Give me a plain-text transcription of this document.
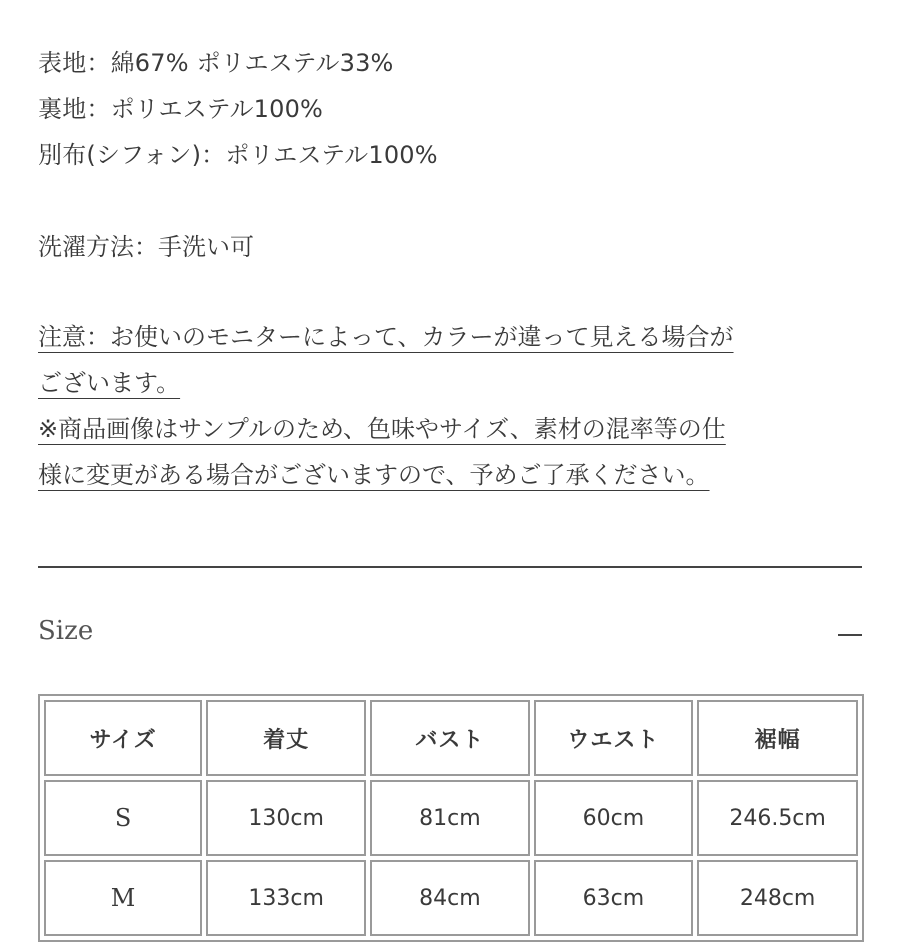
表地：綿67% ポリエステル33%

裏地：ポリエステル100%

別布(シフォン)：ポリエステル100%

洗濯方法：手洗い可

注意：お使いのモニターによって、カラーが違って見える場合が

ございます。

※商品画像はサンプルのため、色味やサイズ、素材の混率等の仕

様に変更がある場合がございますので、予めご了承ください。

Size
サイズ	着丈	バスト	ウエスト	裾幅
S	130cm	81cm	60cm	246.5cm
M	133cm	84cm	63cm	248cm
